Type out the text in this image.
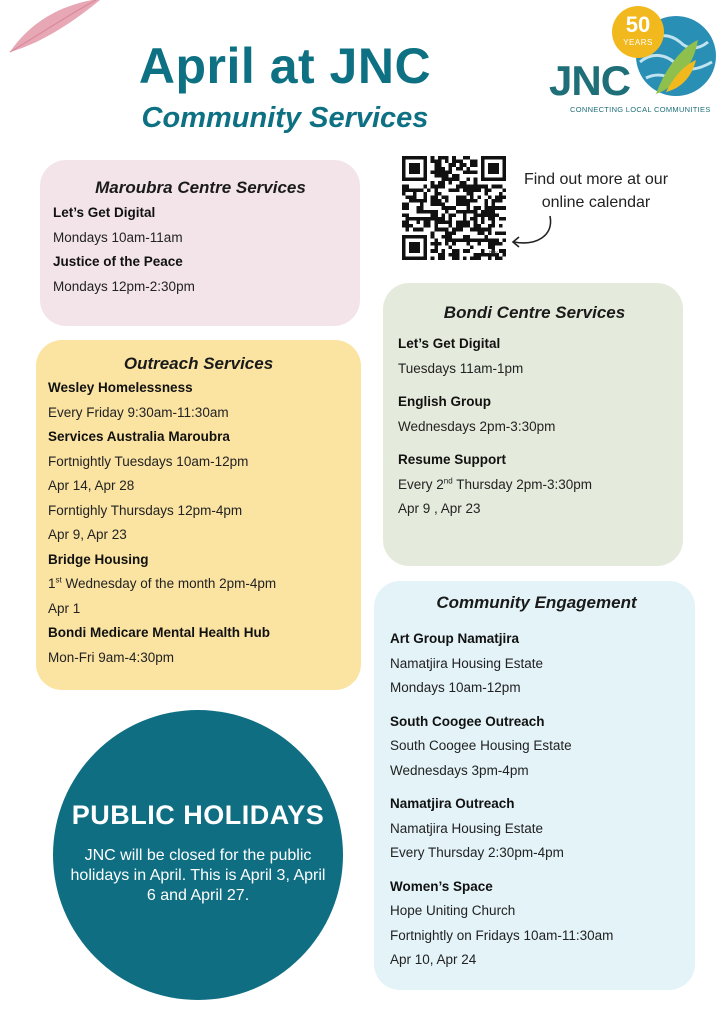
April at JNC
Community Services
50
YEARS
JNC
CONNECTING LOCAL COMMUNITIES
billy
Find out more at our online calendar
Maroubra Centre Services
Let’s Get Digital
Mondays 10am-11am
Justice of the Peace
Mondays 12pm-2:30pm
Outreach Services
Wesley Homelessness
Every Friday 9:30am-11:30am
Services Australia Maroubra
Fortnightly Tuesdays 10am-12pm
Apr 14, Apr 28
Forntighly Thursdays 12pm-4pm
Apr 9, Apr 23
Bridge Housing
1st Wednesday of the month 2pm-4pm
Apr 1
Bondi Medicare Mental Health Hub
Mon-Fri 9am-4:30pm
Bondi Centre Services
Let’s Get Digital
Tuesdays 11am-1pm
English Group
Wednesdays 2pm-3:30pm
Resume Support
Every 2nd Thursday 2pm-3:30pm
Apr 9 , Apr 23
Community Engagement
Art Group Namatjira
Namatjira Housing Estate
Mondays 10am-12pm
South Coogee Outreach
South Coogee Housing Estate
Wednesdays 3pm-4pm
Namatjira Outreach
Namatjira Housing Estate
Every Thursday 2:30pm-4pm
Women’s Space
Hope Uniting Church
Fortnightly on Fridays 10am-11:30am
Apr 10, Apr 24
PUBLIC HOLIDAYS
JNC will be closed for the public holidays in April. This is April 3, April 6 and April 27.
